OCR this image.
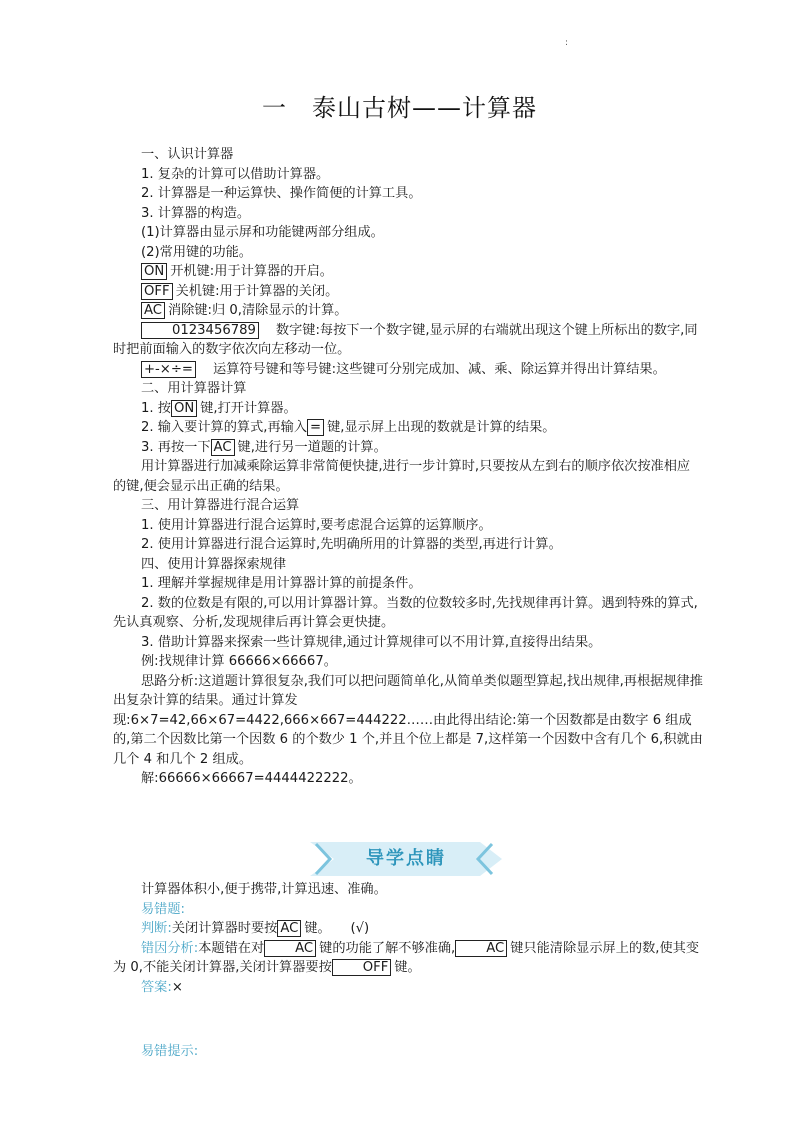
:
一　泰山古树——计算器
一、认识计算器
1. 复杂的计算可以借助计算器。
2. 计算器是一种运算快、操作简便的计算工具。
3. 计算器的构造。
(1)计算器由显示屏和功能键两部分组成。
(2)常用键的功能。
ON 开机键:用于计算器的开启。
OFF 关机键:用于计算器的关闭。
AC 消除键:归 0,清除显示的计算。
0123456789 数字键:每按下一个数字键,显示屏的右端就出现这个键上所标出的数字,同时把前面输入的数字依次向左移动一位。
+-×÷= 运算符号键和等号键:这些键可分别完成加、减、乘、除运算并得出计算结果。
二、用计算器计算
1. 按 ON 键,打开计算器。
2. 输入要计算的算式,再输入 = 键,显示屏上出现的数就是计算的结果。
3. 再按一下 AC 键,进行另一道题的计算。
用计算器进行加减乘除运算非常简便快捷,进行一步计算时,只要按从左到右的顺序依次按准相应的键,便会显示出正确的结果。
三、用计算器进行混合运算
1. 使用计算器进行混合运算时,要考虑混合运算的运算顺序。
2. 使用计算器进行混合运算时,先明确所用的计算器的类型,再进行计算。
四、使用计算器探索规律
1. 理解并掌握规律是用计算器计算的前提条件。
2. 数的位数是有限的,可以用计算器计算。当数的位数较多时,先找规律再计算。遇到特殊的算式,先认真观察、分析,发现规律后再计算会更快捷。
3. 借助计算器来探索一些计算规律,通过计算规律可以不用计算,直接得出结果。
例:找规律计算 66666×66667。
思路分析:这道题计算很复杂,我们可以把问题简单化,从简单类似题型算起,找出规律,再根据规律推出复杂计算的结果。通过计算发
现:6×7=42,66×67=4422,666×667=444222……由此得出结论:第一个因数都是由数字 6 组成的,第二个因数比第一个因数 6 的个数少 1 个,并且个位上都是 7,这样第一个因数中含有几个 6,积就由几个 4 和几个 2 组成。
解:66666×66667=4444422222。
导学点睛
计算器体积小,便于携带,计算迅速、准确。
易错题:
判断:关闭计算器时要按 AC 键。　　(√)
错因分析:本题错在对 AC 键的功能了解不够准确, AC 键只能清除显示屏上的数,使其变为 0,不能关闭计算器,关闭计算器要按 OFF 键。
答案:×
易错提示:
